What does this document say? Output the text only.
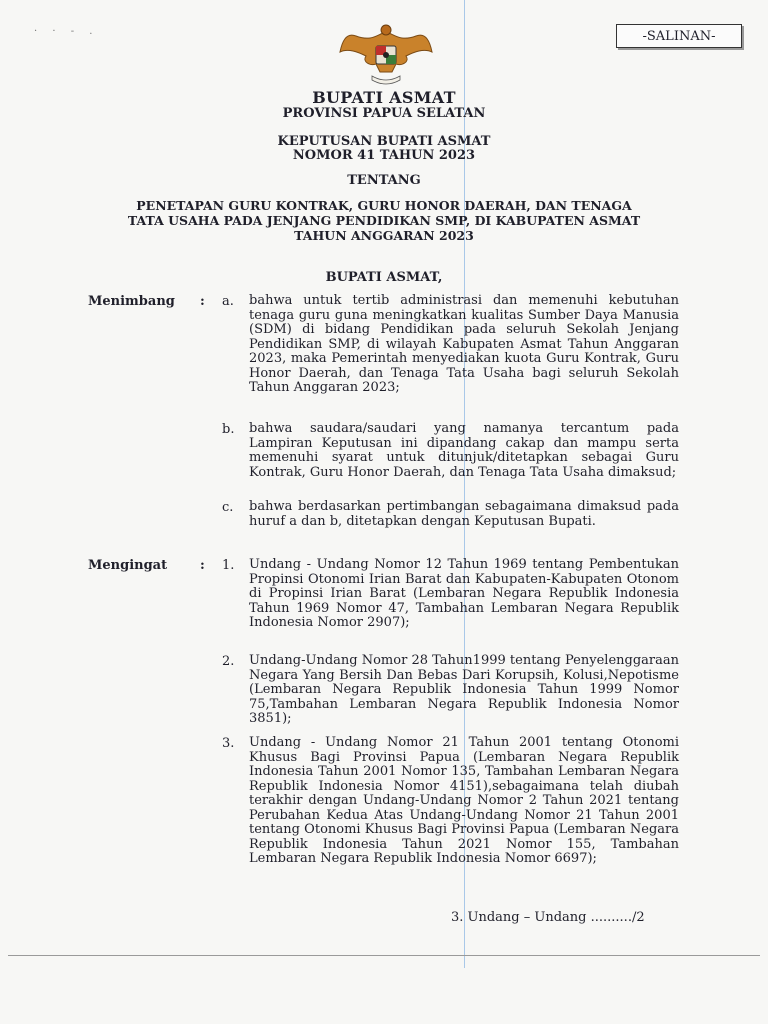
· · - .	-SALINAN-
BUPATI ASMAT
PROVINSI PAPUA SELATAN
KEPUTUSAN BUPATI ASMAT
NOMOR 41 TAHUN 2023
TENTANG
PENETAPAN GURU KONTRAK, GURU HONOR DAERAH, DAN TENAGA
TATA USAHA PADA JENJANG PENDIDIKAN SMP, DI KABUPATEN ASMAT
TAHUN ANGGARAN 2023
BUPATI ASMAT,
Menimbang : a. bahwa untuk tertib administrasi dan memenuhi kebutuhan tenaga guru guna meningkatkan kualitas Sumber Daya Manusia (SDM) di bidang Pendidikan pada seluruh Sekolah Jenjang Pendidikan SMP, di wilayah Kabupaten Asmat Tahun Anggaran 2023, maka Pemerintah menyediakan kuota Guru Kontrak, Guru Honor Daerah, dan Tenaga Tata Usaha bagi seluruh Sekolah Tahun Anggaran 2023;
b. bahwa saudara/saudari yang namanya tercantum pada Lampiran Keputusan ini dipandang cakap dan mampu serta memenuhi syarat untuk ditunjuk/ditetapkan sebagai Guru Kontrak, Guru Honor Daerah, dan Tenaga Tata Usaha dimaksud;
c. bahwa berdasarkan pertimbangan sebagaimana dimaksud pada huruf a dan b, ditetapkan dengan Keputusan Bupati.
Mengingat	: 1. Undang - Undang Nomor 12 Tahun 1969 tentang Pembentukan Propinsi Otonomi Irian Barat dan Kabupaten-Kabupaten Otonom di Propinsi Irian Barat (Lembaran Negara Republik Indonesia Tahun 1969 Nomor 47, Tambahan Lembaran Negara Republik Indonesia Nomor 2907);
2. Undang-Undang Nomor 28 Tahun1999 tentang Penyelenggaraan Negara Yang Bersih Dan Bebas Dari Korupsih, Kolusi,Nepotisme (Lembaran Negara Republik Indonesia Tahun 1999 Nomor 75,Tambahan Lembaran Negara Republik Indonesia Nomor 3851);
3. Undang - Undang Nomor 21 Tahun 2001 tentang Otonomi Khusus Bagi Provinsi Papua (Lembaran Negara Republik Indonesia Tahun 2001 Nomor 135, Tambahan Lembaran Negara Republik Indonesia Nomor 4151),sebagaimana telah diubah terakhir dengan Undang-Undang Nomor 2 Tahun 2021 tentang Perubahan Kedua Atas Undang-Undang Nomor 21 Tahun 2001 tentang Otonomi Khusus Bagi Provinsi Papua (Lembaran Negara Republik Indonesia Tahun 2021 Nomor 155, Tambahan Lembaran Negara Republik Indonesia Nomor 6697);
3. Undang – Undang ........../2
